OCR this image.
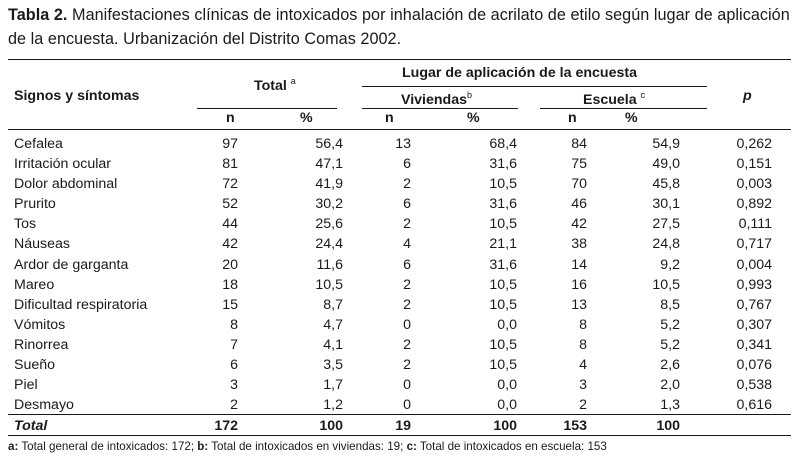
Tabla 2. Manifestaciones clínicas de intoxicados por inhalación de acrilato de etilo según lugar de aplicación de la encuesta. Urbanización del Distrito Comas 2002.
Signos y síntomas
Total $^a$	Lugar de aplicación de la encuesta
Viviendas$^b$	Escuela $^c$	p
n	%	n	%	n	%
Cefalea	97	56,4	13	68,4	84	54,9	0,262
Irritación ocular	81	47,1	6	31,6	75	49,0	0,151
Dolor abdominal	72	41,9	2	10,5	70	45,8	0,003
Prurito	52	30,2	6	31,6	46	30,1	0,892
Tos	44	25,6	2	10,5	42	27,5	0,111
Náuseas	42	24,4	4	21,1	38	24,8	0,717
Ardor de garganta	20	11,6	6	31,6	14	9,2	0,004
Mareo	18	10,5	2	10,5	16	10,5	0,993
Dificultad respiratoria	15	8,7	2	10,5	13	8,5	0,767
Vómitos	8	4,7	0	0,0	8	5,2	0,307
Rinorrea	7	4,1	2	10,5	8	5,2	0,341
Sueño	6	3,5	2	10,5	4	2,6	0,076
Piel	3	1,7	0	0,0	3	2,0	0,538
Desmayo	2	1,2	0	0,0	2	1,3	0,616
Total	172	100	19	100	153	100
a: Total general de intoxicados: 172; b: Total de intoxicados en viviendas: 19; c: Total de intoxicados en escuela: 153
